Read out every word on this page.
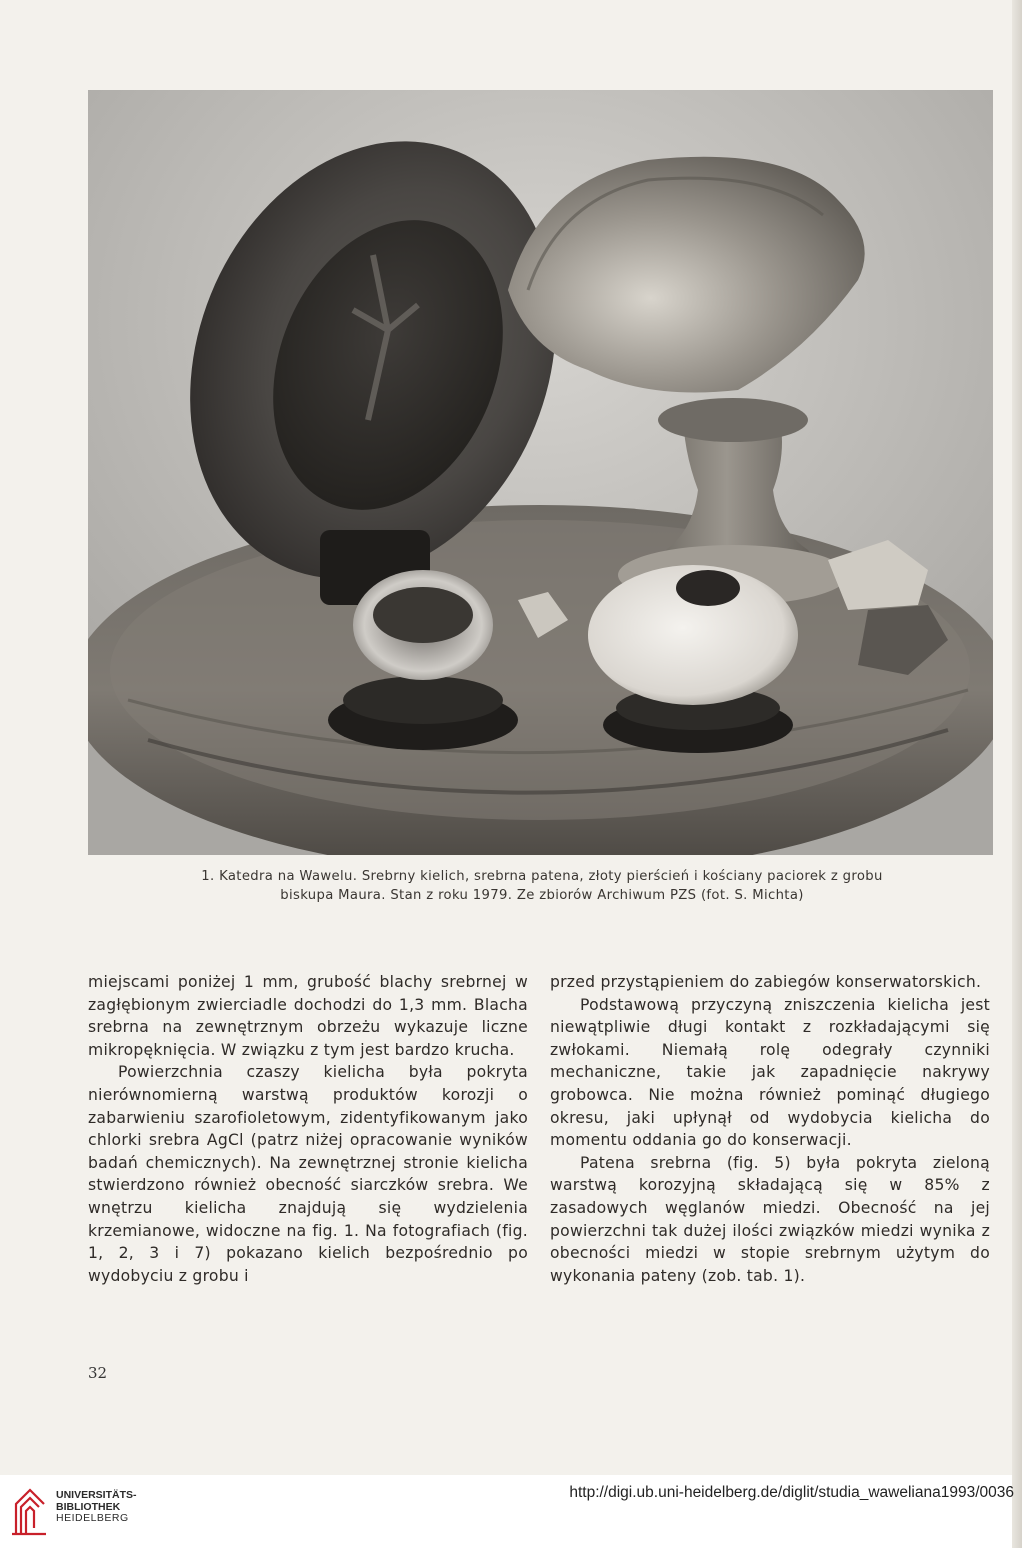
1. Katedra na Wawelu. Srebrny kielich, srebrna patena, złoty pierścień i kościany paciorek z grobu
biskupa Maura. Stan z roku 1979. Ze zbiorów Archiwum PZS (fot. S. Michta)

miejscami poniżej 1 mm, grubość blachy srebrnej w zagłębionym zwierciadle dochodzi do 1,3 mm. Blacha srebrna na zewnętrznym obrzeżu wykazuje liczne mikropęknięcia. W związku z tym jest bardzo krucha.

Powierzchnia czaszy kielicha była pokryta nierównomierną warstwą produktów korozji o zabarwieniu szarofioletowym, zidentyfikowanym jako chlorki srebra AgCl (patrz niżej opracowanie wyników badań chemicznych). Na zewnętrznej stronie kielicha stwierdzono również obecność siarczków srebra. We wnętrzu kielicha znajdują się wydzielenia krzemianowe, widoczne na fig. 1. Na fotografiach (fig. 1, 2, 3 i 7) pokazano kielich bezpośrednio po wydobyciu z grobu i

przed przystąpieniem do zabiegów konserwatorskich.

Podstawową przyczyną zniszczenia kielicha jest niewątpliwie długi kontakt z rozkładającymi się zwłokami. Niemałą rolę odegrały czynniki mechaniczne, takie jak zapadnięcie nakrywy grobowca. Nie można również pominąć długiego okresu, jaki upłynął od wydobycia kielicha do momentu oddania go do konserwacji.

Patena srebrna (fig. 5) była pokryta zieloną warstwą korozyjną składającą się w 85% z zasadowych węglanów miedzi. Obecność na jej powierzchni tak dużej ilości związków miedzi wynika z obecności miedzi w stopie srebrnym użytym do wykonania pateny (zob. tab. 1).

32
UNIVERSITÄTS-
BIBLIOTHEK
HEIDELBERG
http://digi.ub.uni-heidelberg.de/diglit/studia_waweliana1993/0036
